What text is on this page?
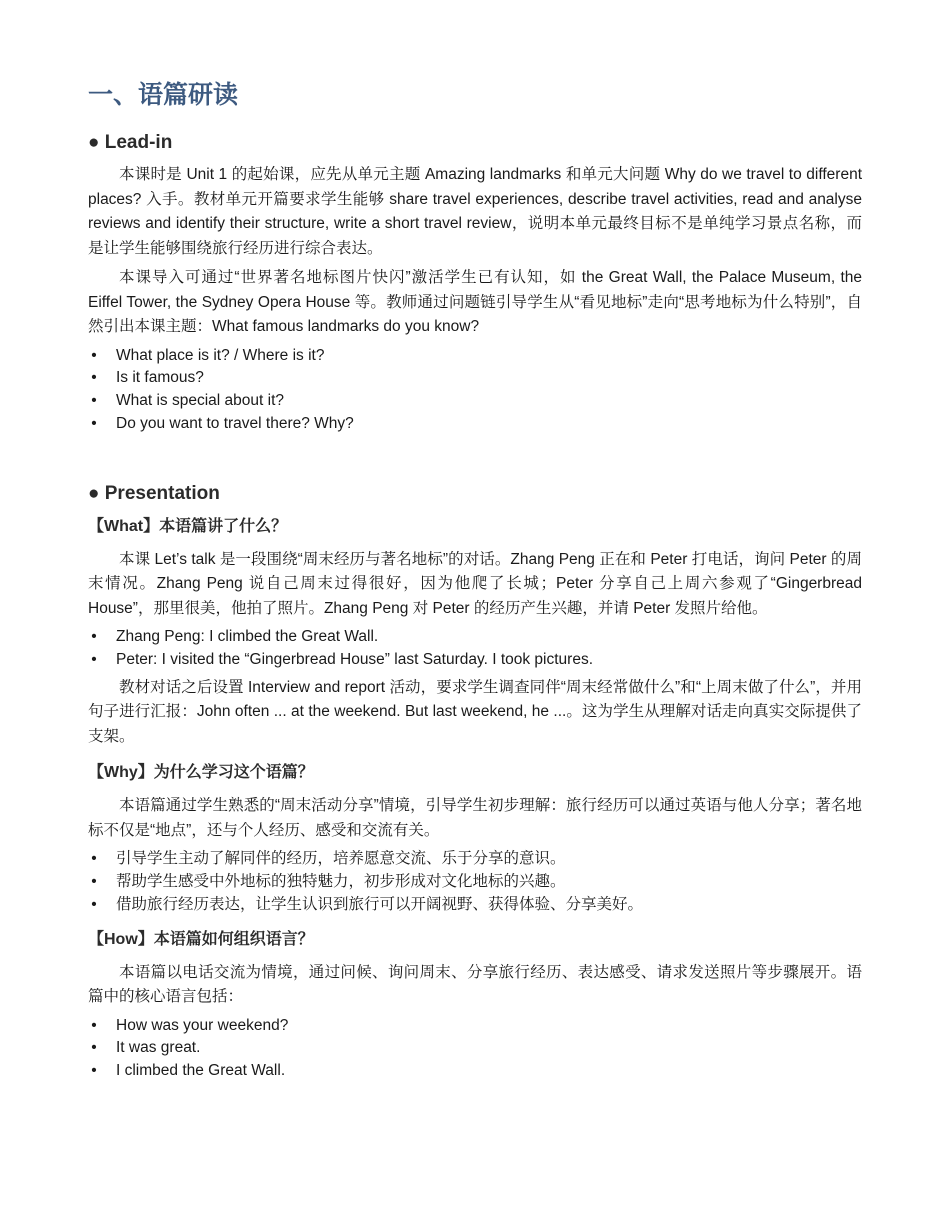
一、语篇研读
● Lead-in

本课时是 Unit 1 的起始课，应先从单元主题 Amazing landmarks 和单元大问题 Why do we travel to different places? 入手。教材单元开篇要求学生能够 share travel experiences, describe travel activities, read and analyse reviews and identify their structure, write a short travel review，说明本单元最终目标不是单纯学习景点名称，而是让学生能够围绕旅行经历进行综合表达。

本课导入可通过“世界著名地标图片快闪”激活学生已有认知，如 the Great Wall, the Palace Museum, the Eiffel Tower, the Sydney Opera House 等。教师通过问题链引导学生从“看见地标”走向“思考地标为什么特别”，自然引出本课主题：What famous landmarks do you know?

• What place is it? / Where is it?
• Is it famous?
• What is special about it?
• Do you want to travel there? Why?
● Presentation
【What】本语篇讲了什么？

本课 Let’s talk 是一段围绕“周末经历与著名地标”的对话。Zhang Peng 正在和 Peter 打电话，询问 Peter 的周末情况。Zhang Peng 说自己周末过得很好，因为他爬了长城；Peter 分享自己上周六参观了“Gingerbread House”，那里很美，他拍了照片。Zhang Peng 对 Peter 的经历产生兴趣，并请 Peter 发照片给他。

• Zhang Peng: I climbed the Great Wall.
• Peter: I visited the “Gingerbread House” last Saturday. I took pictures.

教材对话之后设置 Interview and report 活动，要求学生调查同伴“周末经常做什么”和“上周末做了什么”，并用句子进行汇报：John often ... at the weekend. But last weekend, he ...。这为学生从理解对话走向真实交际提供了支架。

【Why】为什么学习这个语篇？

本语篇通过学生熟悉的“周末活动分享”情境，引导学生初步理解：旅行经历可以通过英语与他人分享；著名地标不仅是“地点”，还与个人经历、感受和交流有关。

• 引导学生主动了解同伴的经历，培养愿意交流、乐于分享的意识。
• 帮助学生感受中外地标的独特魅力，初步形成对文化地标的兴趣。
• 借助旅行经历表达，让学生认识到旅行可以开阔视野、获得体验、分享美好。
【How】本语篇如何组织语言？

本语篇以电话交流为情境，通过问候、询问周末、分享旅行经历、表达感受、请求发送照片等步骤展开。语篇中的核心语言包括：

• How was your weekend?
• It was great.
• I climbed the Great Wall.
